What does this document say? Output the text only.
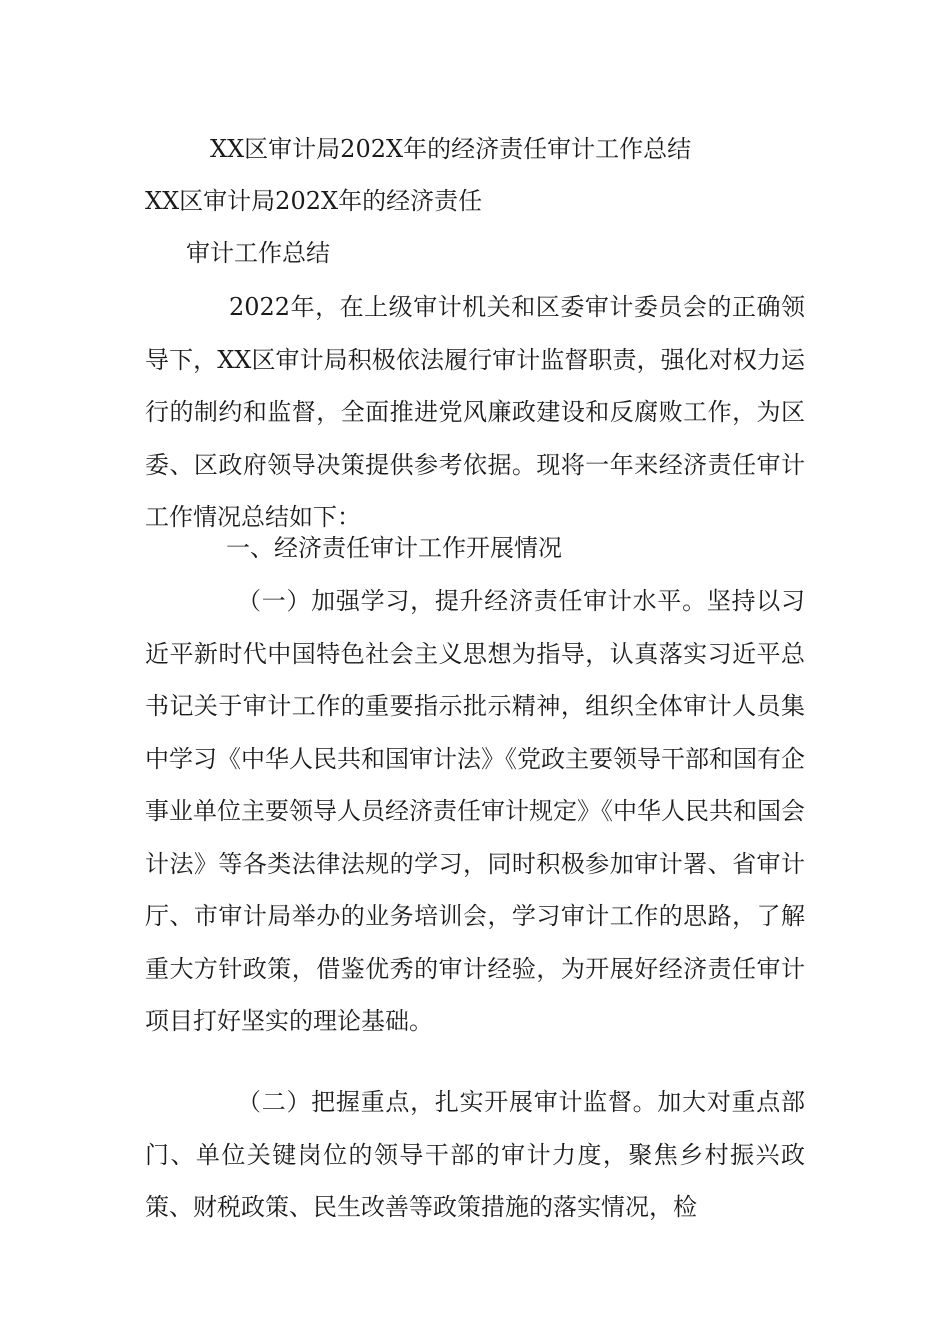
XX区审计局202X年的经济责任审计工作总结
XX区审计局202X年的经济责任
审计工作总结

2022年，在上级审计机关和区委审计委员会的正确领导下，XX区审计局积极依法履行审计监督职责，强化对权力运行的制约和监督，全面推进党风廉政建设和反腐败工作，为区委、区政府领导决策提供参考依据。现将一年来经济责任审计工作情况总结如下：

一、经济责任审计工作开展情况

（一）加强学习，提升经济责任审计水平。坚持以习近平新时代中国特色社会主义思想为指导，认真落实习近平总书记关于审计工作的重要指示批示精神，组织全体审计人员集中学习《中华人民共和国审计法》《党政主要领导干部和国有企事业单位主要领导人员经济责任审计规定》《中华人民共和国会计法》等各类法律法规的学习，同时积极参加审计署、省审计厅、市审计局举办的业务培训会，学习审计工作的思路，了解重大方针政策，借鉴优秀的审计经验，为开展好经济责任审计项目打好坚实的理论基础。

（二）把握重点，扎实开展审计监督。加大对重点部门、单位关键岗位的领导干部的审计力度，聚焦乡村振兴政策、财税政策、民生改善等政策措施的落实情况，检
